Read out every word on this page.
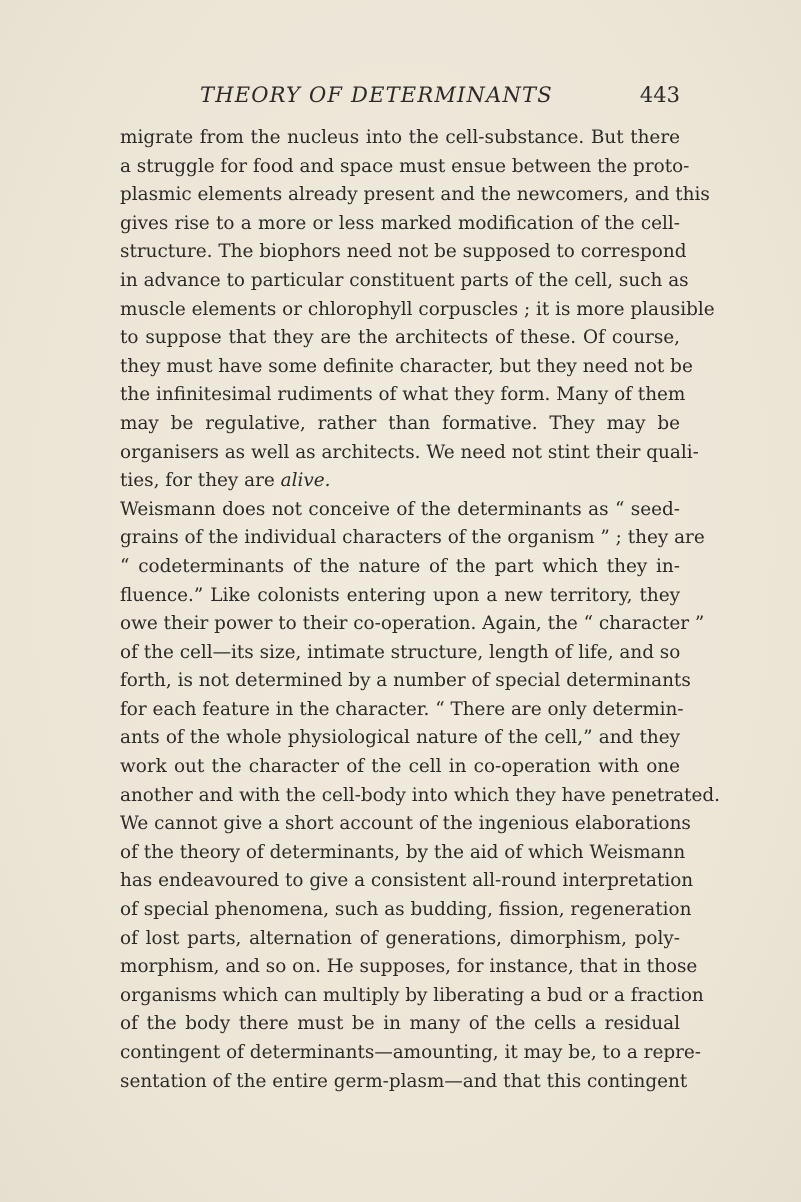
THEORY OF DETERMINANTS	443
migrate from the nucleus into the cell-substance. But there
a struggle for food and space must ensue between the proto-
plasmic elements already present and the newcomers, and this
gives rise to a more or less marked modification of the cell-
structure. The biophors need not be supposed to correspond
in advance to particular constituent parts of the cell, such as
muscle elements or chlorophyll corpuscles ; it is more plausible
to suppose that they are the architects of these. Of course,
they must have some definite character, but they need not be
the infinitesimal rudiments of what they form. Many of them
may be regulative, rather than formative. They may be
organisers as well as architects. We need not stint their quali-
ties, for they are alive.
Weismann does not conceive of the determinants as “ seed-
grains of the individual characters of the organism ” ; they are
“ codeterminants of the nature of the part which they in-
fluence.” Like colonists entering upon a new territory, they
owe their power to their co-operation. Again, the “ character ”
of the cell—its size, intimate structure, length of life, and so
forth, is not determined by a number of special determinants
for each feature in the character. “ There are only determin-
ants of the whole physiological nature of the cell,” and they
work out the character of the cell in co-operation with one
another and with the cell-body into which they have penetrated.
We cannot give a short account of the ingenious elaborations
of the theory of determinants, by the aid of which Weismann
has endeavoured to give a consistent all-round interpretation
of special phenomena, such as budding, fission, regeneration
of lost parts, alternation of generations, dimorphism, poly-
morphism, and so on. He supposes, for instance, that in those
organisms which can multiply by liberating a bud or a fraction
of the body there must be in many of the cells a residual
contingent of determinants—amounting, it may be, to a repre-
sentation of the entire germ-plasm—and that this contingent
